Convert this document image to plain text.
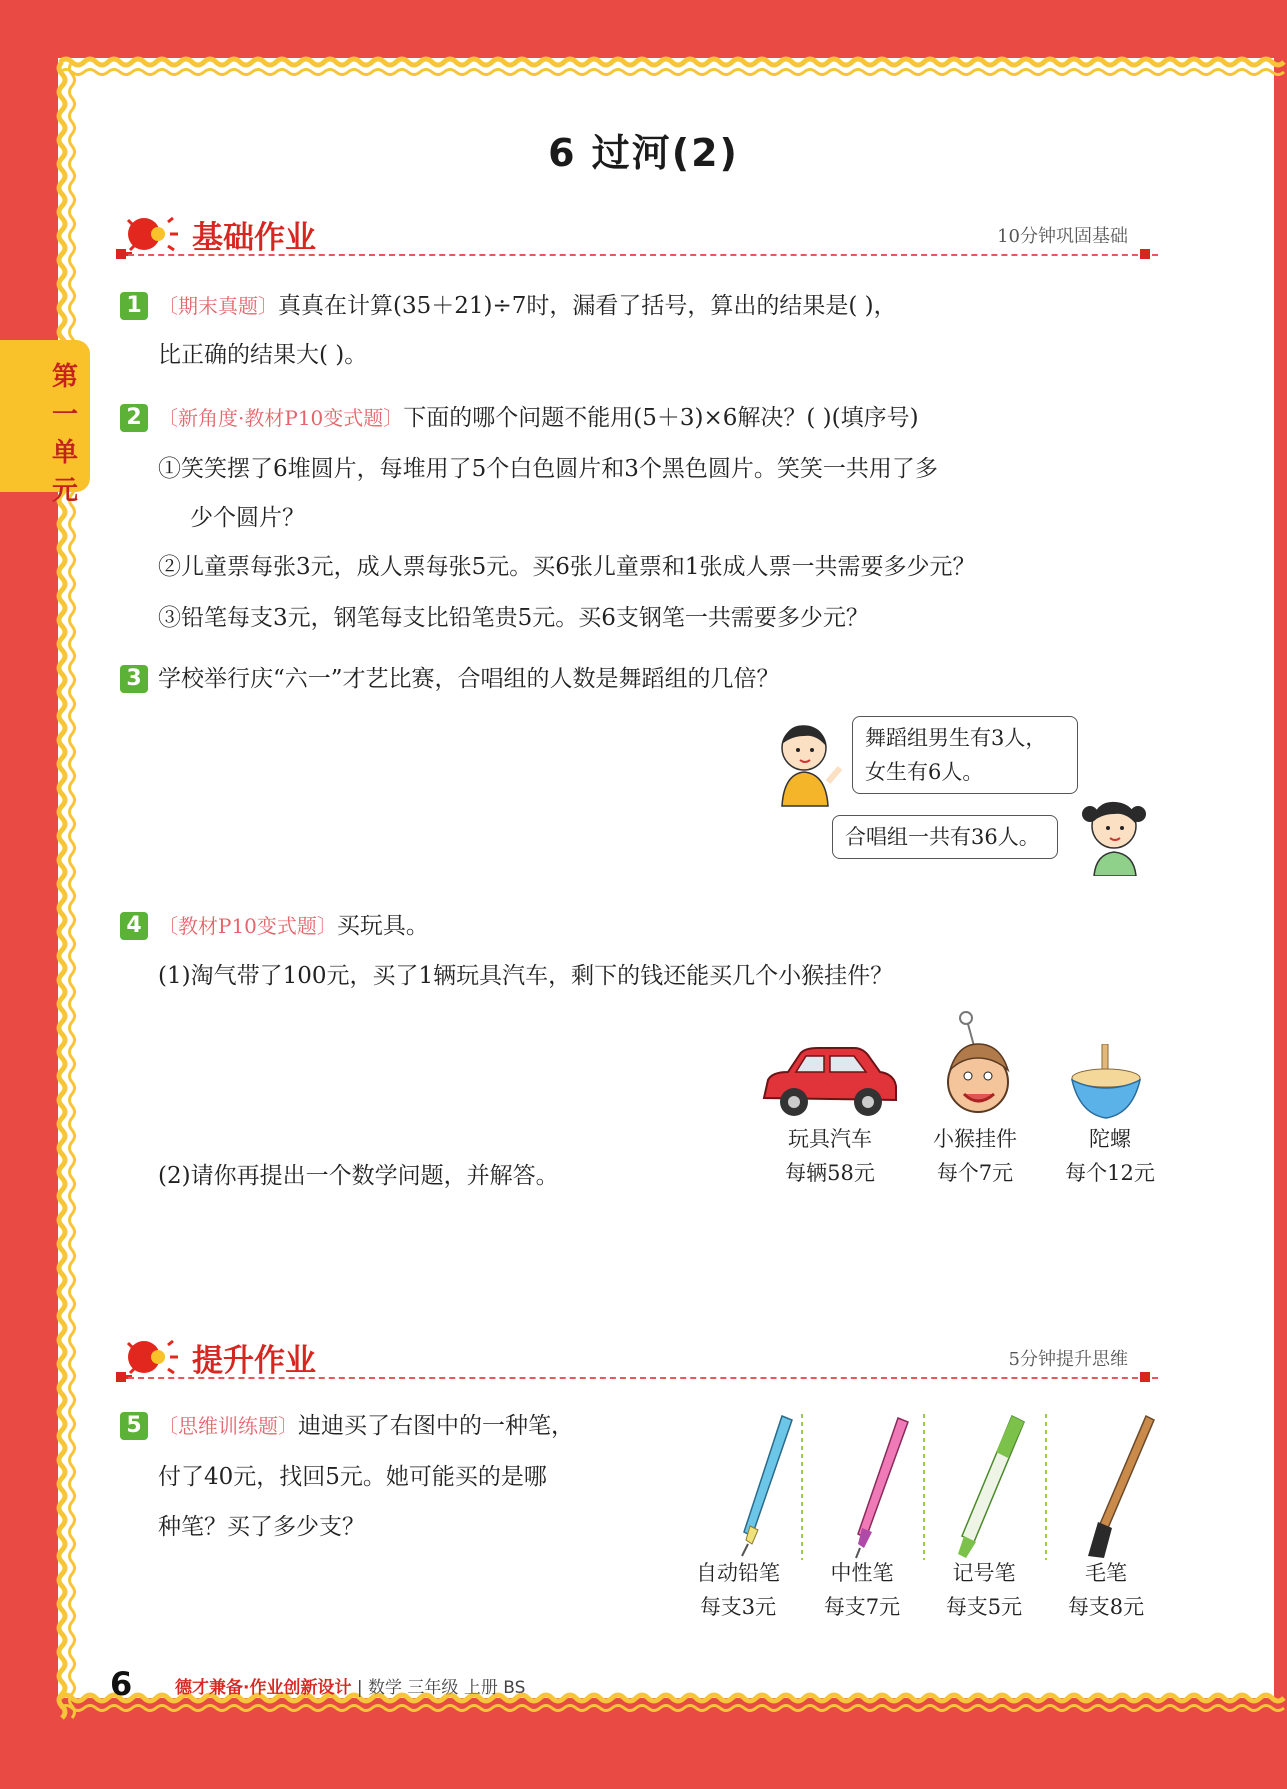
第一单元
6 过河(2)
基础作业	10分钟巩固基础
1 〔期末真题〕真真在计算(35＋21)÷7时，漏看了括号，算出的结果是( )，
比正确的结果大( )。
2 〔新角度·教材P10变式题〕下面的哪个问题不能用(5＋3)×6解决？( )(填序号)
①笑笑摆了6堆圆片，每堆用了5个白色圆片和3个黑色圆片。笑笑一共用了多
少个圆片？
②儿童票每张3元，成人票每张5元。买6张儿童票和1张成人票一共需要多少元？
③铅笔每支3元，钢笔每支比铅笔贵5元。买6支钢笔一共需要多少元？
3 学校举行庆“六一”才艺比赛，合唱组的人数是舞蹈组的几倍？
舞蹈组男生有3人，
女生有6人。
合唱组一共有36人。
4 〔教材P10变式题〕买玩具。
(1)淘气带了100元，买了1辆玩具汽车，剩下的钱还能买几个小猴挂件？
(2)请你再提出一个数学问题，并解答。
玩具汽车
每辆58元
小猴挂件
每个7元
陀螺
每个12元
提升作业	5分钟提升思维
5 〔思维训练题〕迪迪买了右图中的一种笔，
付了40元，找回5元。她可能买的是哪
种笔？买了多少支？
自动铅笔
每支3元
中性笔
每支7元
记号笔
每支5元
毛笔
每支8元
6	德才兼备·作业创新设计 | 数学 三年级 上册 BS
